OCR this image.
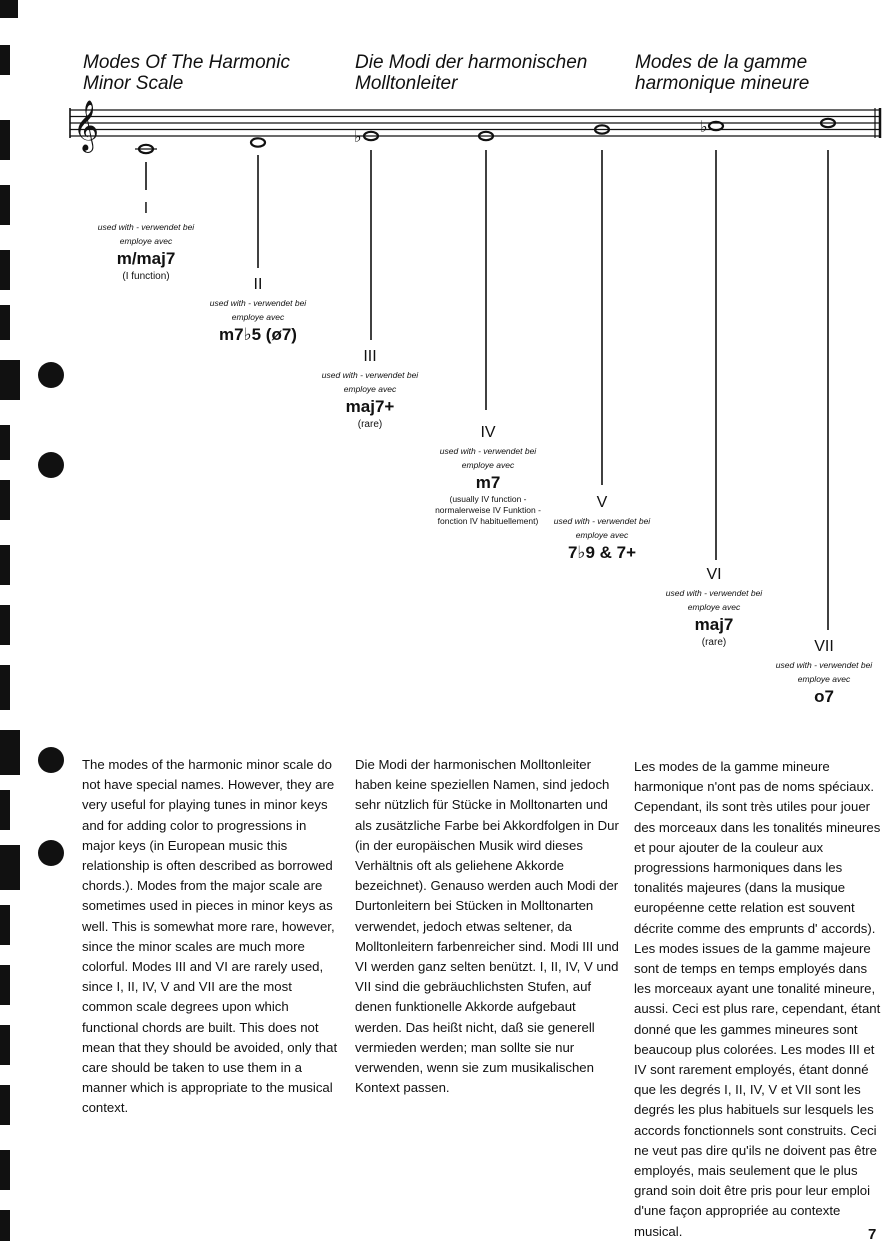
Modes Of The Harmonic Minor Scale
Die Modi der harmonischen Molltonleiter
Modes de la gamme harmonique mineure
𝄞	♭
♭
I
used with - verwendet bei
employe avec
m/maj7
(I function)	II
used with - verwendet bei
employe avec
m7♭5 (ø7)
III
used with - verwendet bei
employe avec
maj7+
(rare)	IV
used with - verwendet bei
employe avec
m7
(usually IV function - normalerweise IV Funktion - fonction IV habituellement)
V
used with - verwendet bei
employe avec
7♭9 & 7+
VI
used with - verwendet bei
employe avec
maj7
(rare)	VII
used with - verwendet bei
employe avec
o7
The modes of the harmonic minor scale do not have special names. However, they are very useful for playing tunes in minor keys and for adding color to progressions in major keys (in European music this relationship is often described as borrowed chords.). Modes from the major scale are sometimes used in pieces in minor keys as well. This is somewhat more rare, however, since the minor scales are much more colorful. Modes III and VI are rarely used, since I, II, IV, V and VII are the most common scale degrees upon which functional chords are built. This does not mean that they should be avoided, only that care should be taken to use them in a manner which is appropriate to the musical context.
Die Modi der harmonischen Molltonleiter haben keine speziellen Namen, sind jedoch sehr nützlich für Stücke in Molltonarten und als zusätzliche Farbe bei Akkordfolgen in Dur (in der europäischen Musik wird dieses Verhältnis oft als geliehene Akkorde bezeichnet). Genauso werden auch Modi der Durtonleitern bei Stücken in Molltonarten verwendet, jedoch etwas seltener, da Molltonleitern farbenreicher sind. Modi III und VI werden ganz selten benützt. I, II, IV, V und VII sind die gebräuchlichsten Stufen, auf denen funktionelle Akkorde aufgebaut werden. Das heißt nicht, daß sie generell vermieden werden; man sollte sie nur verwenden, wenn sie zum musikalischen Kontext passen.
Les modes de la gamme mineure harmonique n'ont pas de noms spéciaux. Cependant, ils sont très utiles pour jouer des morceaux dans les tonalités mineures et pour ajouter de la couleur aux progressions harmoniques dans les tonalités majeures (dans la musique européenne cette relation est souvent décrite comme des emprunts d' accords). Les modes issues de la gamme majeure sont de temps en temps employés dans les morceaux ayant une tonalité mineure, aussi. Ceci est plus rare, cependant, étant donné que les gammes mineures sont beaucoup plus colorées. Les modes III et IV sont rarement employés, étant donné que les degrés I, II, IV, V et VII sont les degrés les plus habituels sur lesquels les accords fonctionnels sont construits. Ceci ne veut pas dire qu'ils ne doivent pas être employés, mais seulement que le plus grand soin doit être pris pour leur emploi d'une façon appropriée au contexte musical.	7
